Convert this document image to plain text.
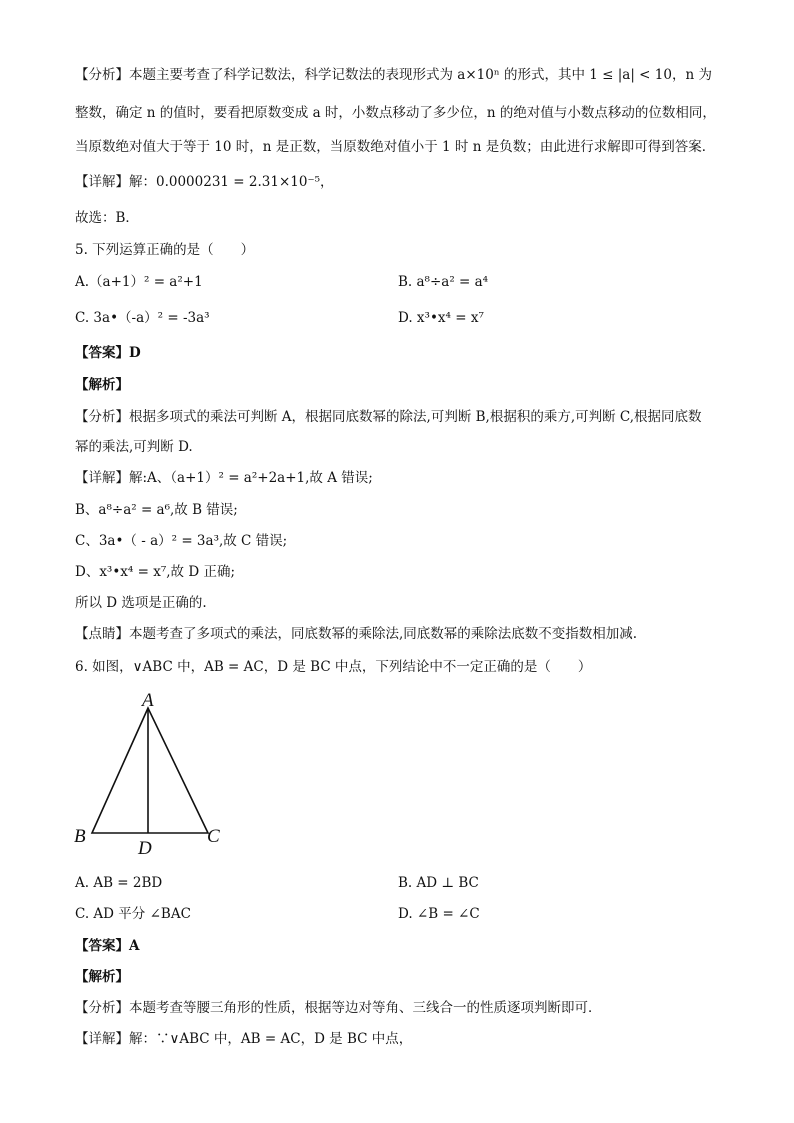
【分析】本题主要考查了科学记数法，科学记数法的表现形式为 a×10ⁿ 的形式，其中 1 ≤ |a| < 10，n 为
整数，确定 n 的值时，要看把原数变成 a 时，小数点移动了多少位，n 的绝对值与小数点移动的位数相同，
当原数绝对值大于等于 10 时，n 是正数，当原数绝对值小于 1 时 n 是负数；由此进行求解即可得到答案．
【详解】解：0.0000231 = 2.31×10⁻⁵，
故选：B．
5. 下列运算正确的是（　　）
A.（a+1）² = a²+1	B. a⁸÷a² = a⁴
C. 3a•（-a）² = -3a³	D. x³•x⁴ = x⁷
【答案】D
【解析】
【分析】根据多项式的乘法可判断 A，根据同底数幂的除法,可判断 B,根据积的乘方,可判断 C,根据同底数
幂的乘法,可判断 D.
【详解】解:A、（a+1）² = a²+2a+1,故 A 错误;
B、a⁸÷a² = a⁶,故 B 错误;
C、3a•（ - a）² = 3a³,故 C 错误;
D、x³•x⁴ = x⁷,故 D 正确;
所以 D 选项是正确的.
【点睛】本题考查了多项式的乘法，同底数幂的乘除法,同底数幂的乘除法底数不变指数相加减.
6. 如图，∨ABC 中，AB = AC，D 是 BC 中点，下列结论中不一定正确的是（　　）
A
B	C
D
A. AB = 2BD	B. AD ⊥ BC
C. AD 平分 ∠BAC	D. ∠B = ∠C
【答案】A
【解析】
【分析】本题考查等腰三角形的性质，根据等边对等角、三线合一的性质逐项判断即可．
【详解】解：∵∨ABC 中，AB = AC，D 是 BC 中点，
